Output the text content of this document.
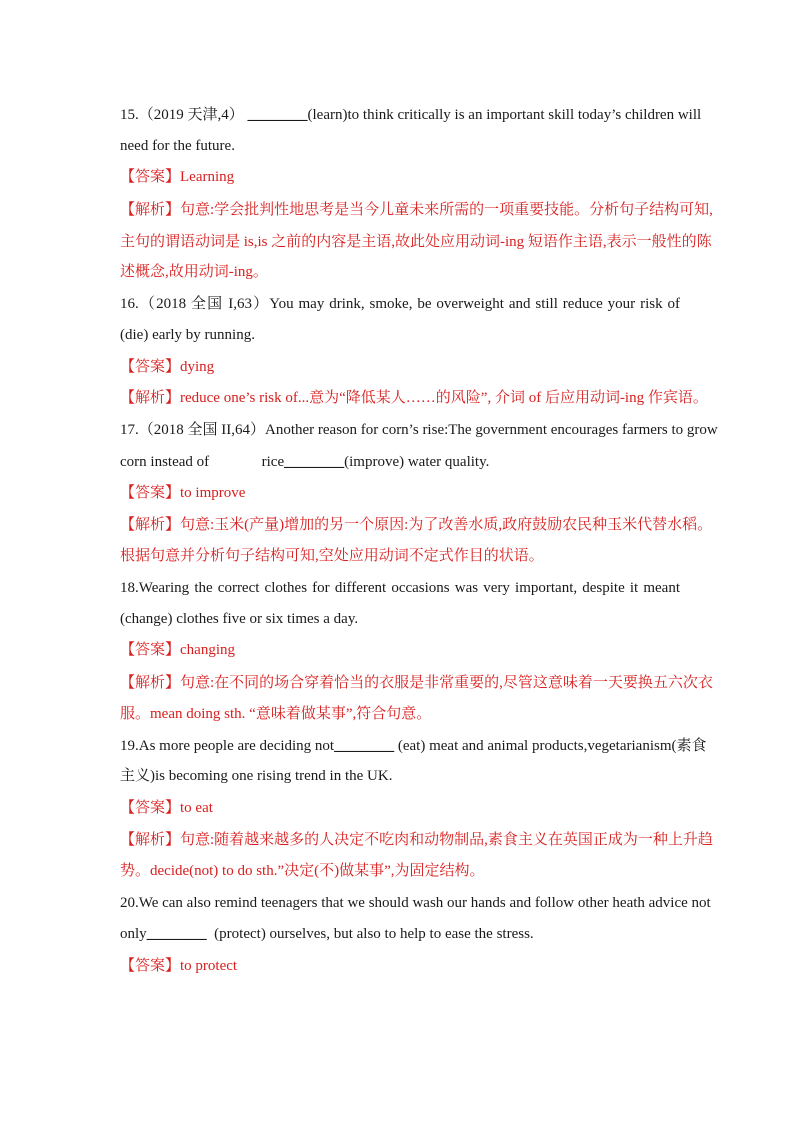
15.（2019 天津,4） ________(learn)to think critically is an important skill today’s children will
need for the future.
【答案】Learning
【解析】句意:学会批判性地思考是当今儿童未来所需的一项重要技能。分析句子结构可知,
主句的谓语动词是 is,is 之前的内容是主语,故此处应用动词-ing 短语作主语,表示一般性的陈
述概念,故用动词-ing。
16.（2018 全国 I,63）You may drink, smoke, be overweight and still reduce your risk of
(die) early by running.
【答案】dying
【解析】reduce one’s risk of...意为“降低某人……的风险”, 介词 of 后应用动词-ing 作宾语。
17.（2018 全国 II,64）Another reason for corn’s rise:The government encourages farmers to grow
corn instead of              rice________(improve) water quality.
【答案】to improve
【解析】句意:玉米(产量)增加的另一个原因:为了改善水质,政府鼓励农民种玉米代替水稻。
根据句意并分析句子结构可知,空处应用动词不定式作目的状语。
18.Wearing the correct clothes for different occasions was very important, despite it meant
(change) clothes five or six times a day.
【答案】changing
【解析】句意:在不同的场合穿着恰当的衣服是非常重要的,尽管这意味着一天要换五六次衣
服。mean doing sth. “意味着做某事”,符合句意。
19.As more people are deciding not________ (eat) meat and animal products,vegetarianism(素食
主义)is becoming one rising trend in the UK.
【答案】to eat
【解析】句意:随着越来越多的人决定不吃肉和动物制品,素食主义在英国正成为一种上升趋
势。decide(not) to do sth.”决定(不)做某事”,为固定结构。
20.We can also remind teenagers that we should wash our hands and follow other heath advice not
only________  (protect) ourselves, but also to help to ease the stress.
【答案】to protect
